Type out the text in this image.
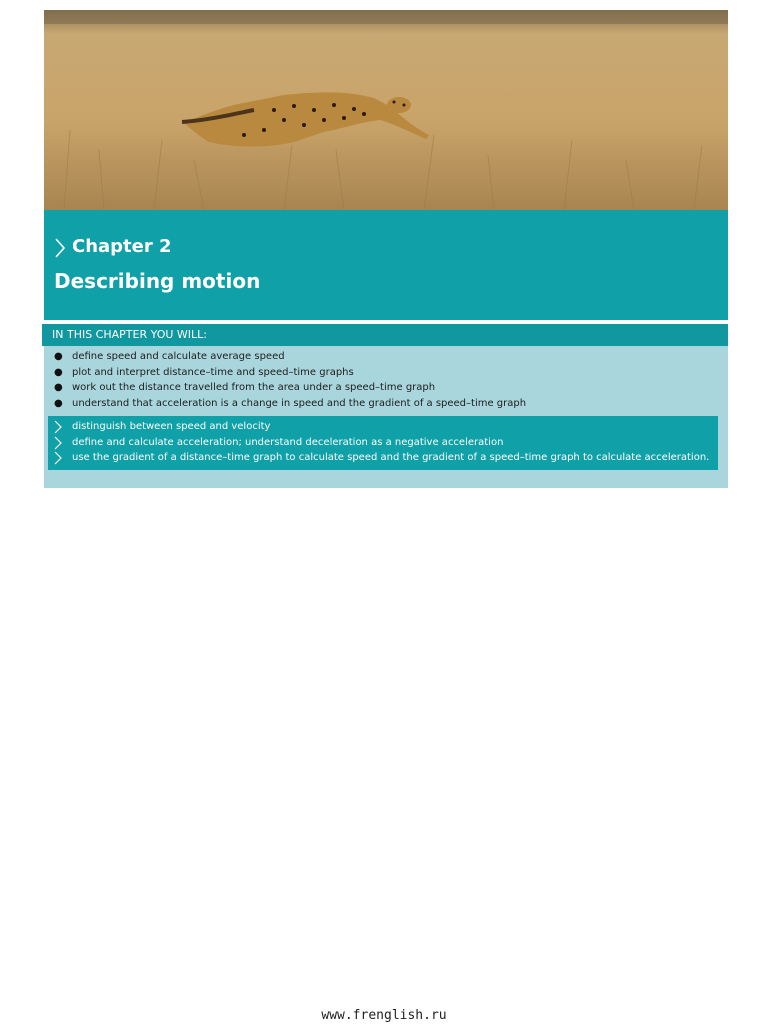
Chapter 2
Describing motion
IN THIS CHAPTER YOU WILL:
● define speed and calculate average speed
● plot and interpret distance–time and speed–time graphs
● work out the distance travelled from the area under a speed–time graph
● understand that acceleration is a change in speed and the gradient of a speed–time graph
distinguish between speed and velocity
define and calculate acceleration; understand deceleration as a negative acceleration
use the gradient of a distance–time graph to calculate speed and the gradient of a speed–time graph to calculate acceleration.
www.frenglish.ru
